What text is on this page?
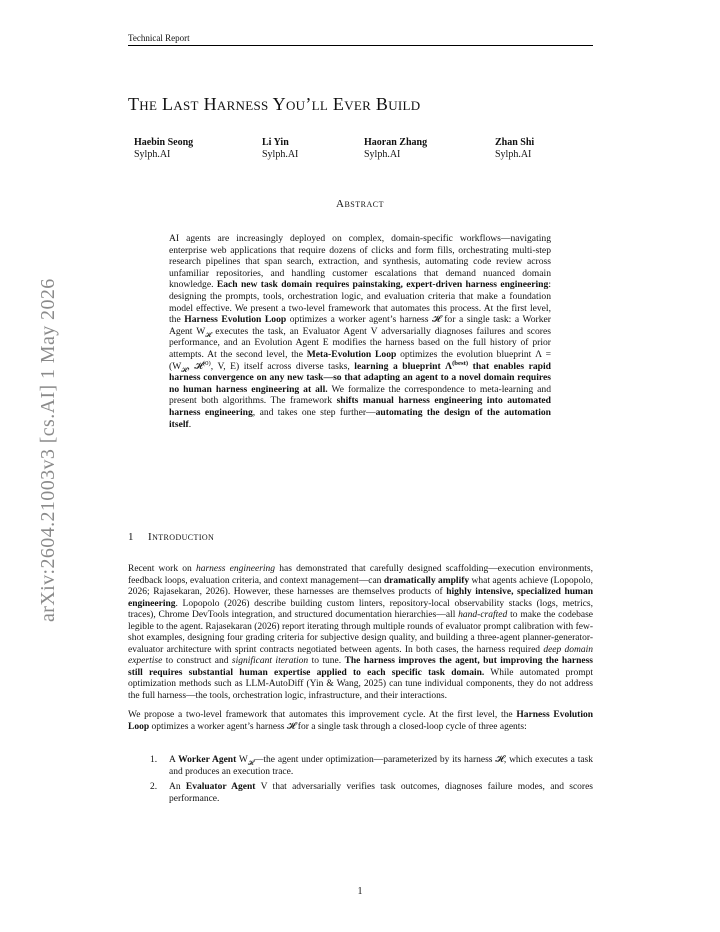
Technical Report
The Last Harness You’ll Ever Build
Haebin Seong
Sylph.AI
Li Yin
Sylph.AI
Haoran Zhang
Sylph.AI
Zhan Shi
Sylph.AI
Abstract
AI agents are increasingly deployed on complex, domain-specific workflows—navigating enterprise web applications that require dozens of clicks and form fills, orchestrating multi-step research pipelines that span search, extraction, and synthesis, automating code review across unfamiliar repositories, and handling customer escalations that demand nuanced domain knowledge. Each new task domain requires painstaking, expert-driven harness engineering: designing the prompts, tools, orchestration logic, and evaluation criteria that make a foundation model effective. We present a two-level framework that automates this process. At the first level, the Harness Evolution Loop optimizes a worker agent’s harness 𝓗 for a single task: a Worker Agent $W_𝓗$ executes the task, an Evaluator Agent V adversarially diagnoses failures and scores performance, and an Evolution Agent E modifies the harness based on the full history of prior attempts. At the second level, the Meta-Evolution Loop optimizes the evolution blueprint $\Lambda = (W_𝓗$, 𝓗$^{(0)}$, V, E) itself across diverse tasks, learning a blueprint $\Lambda^{(best)}$ that enables rapid harness convergence on any new task—so that adapting an agent to a novel domain requires no human harness engineering at all. We formalize the correspondence to meta-learning and present both algorithms. The framework shifts manual harness engineering into automated harness engineering, and takes one step further—automating the design of the automation itself.
1 Introduction
Recent work on harness engineering has demonstrated that carefully designed scaffolding—execution environments, feedback loops, evaluation criteria, and context management—can dramatically amplify what agents achieve (Lopopolo, 2026; Rajasekaran, 2026). However, these harnesses are themselves products of highly intensive, specialized human engineering. Lopopolo (2026) describe building custom linters, repository-local observability stacks (logs, metrics, traces), Chrome DevTools integration, and structured documentation hierarchies—all hand-crafted to make the codebase legible to the agent. Rajasekaran (2026) report iterating through multiple rounds of evaluator prompt calibration with few-shot examples, designing four grading criteria for subjective design quality, and building a three-agent planner-generator-evaluator architecture with sprint contracts negotiated between agents. In both cases, the harness required deep domain expertise to construct and significant iteration to tune. The harness improves the agent, but improving the harness still requires substantial human expertise applied to each specific task domain. While automated prompt optimization methods such as LLM-AutoDiff (Yin & Wang, 2025) can tune individual components, they do not address the full harness—the tools, orchestration logic, infrastructure, and their interactions.
We propose a two-level framework that automates this improvement cycle. At the first level, the Harness Evolution Loop optimizes a worker agent’s harness 𝓗 for a single task through a closed-loop cycle of three agents:
1. A Worker Agent $W_𝓗—the$ agent under optimization—parameterized by its harness 𝓗, which executes a task and produces an execution trace.
2. An Evaluator Agent V that adversarially verifies task outcomes, diagnoses failure modes, and scores performance.
1
arXiv:2604.21003v3 [cs.AI] 1 May 2026
